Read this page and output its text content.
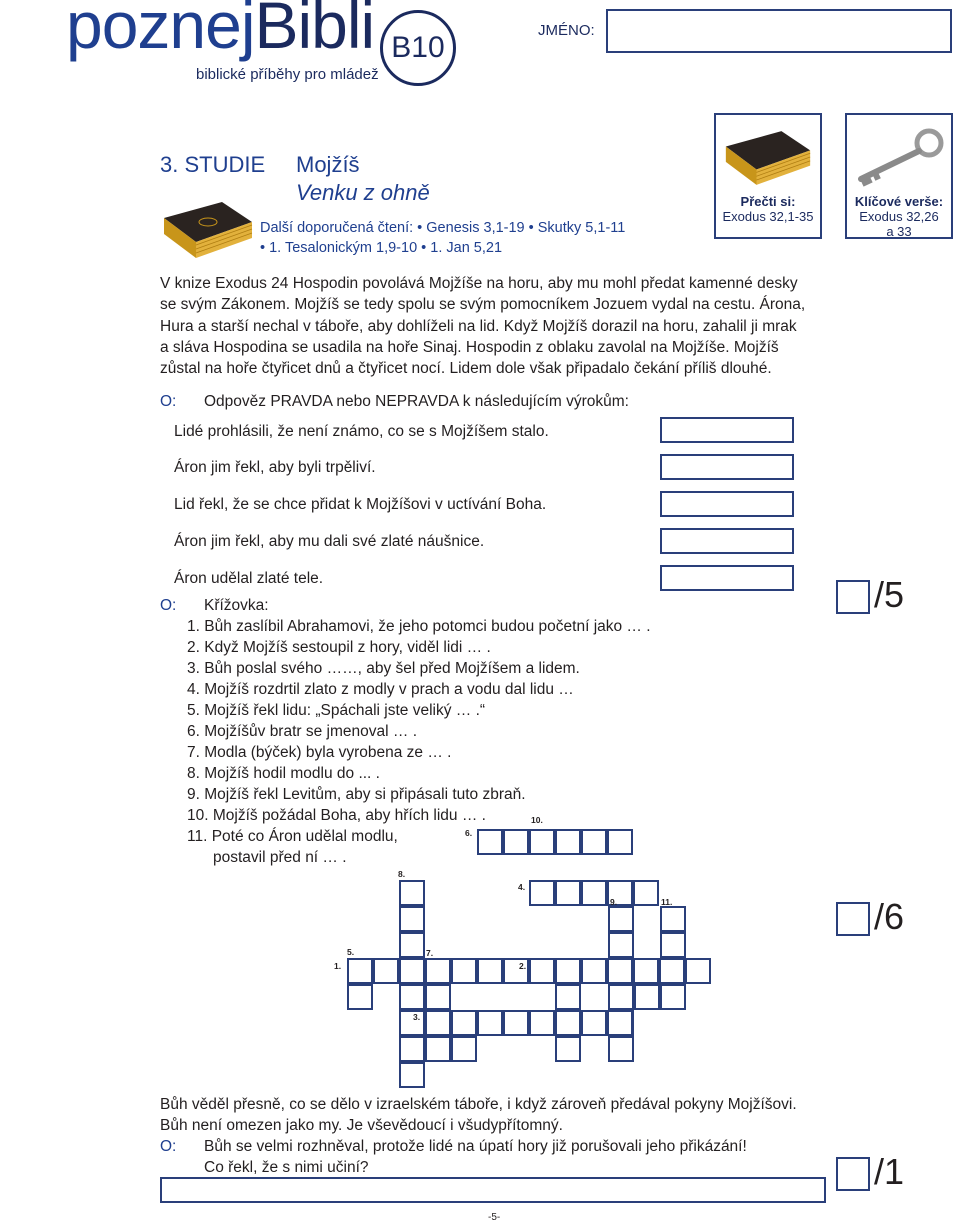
poznejBibli B10
biblické příběhy pro mládež
JMÉNO:
3. STUDIE Mojžíš
Venku z ohně
Další doporučená čtení: • Genesis 3,1-19 • Skutky 5,1-11
• 1. Tesalonickým 1,9-10 • 1. Jan 5,21
Přečti si:
Exodus 32,1-35
Klíčové verše:
Exodus 32,26
a 33
V knize Exodus 24 Hospodin povolává Mojžíše na horu, aby mu mohl předat kamenné desky
se svým Zákonem. Mojžíš se tedy spolu se svým pomocníkem Jozuem vydal na cestu. Árona,
Hura a starší nechal v táboře, aby dohlíželi na lid. Když Mojžíš dorazil na horu, zahalil ji mrak
a sláva Hospodina se usadila na hoře Sinaj. Hospodin z oblaku zavolal na Mojžíše. Mojžíš
zůstal na hoře čtyřicet dnů a čtyřicet nocí. Lidem dole však připadalo čekání příliš dlouhé.
O: Odpověz PRAVDA nebo NEPRAVDA k následujícím výrokům:
Lidé prohlásili, že není známo, co se s Mojžíšem stalo.
Áron jim řekl, aby byli trpěliví.
Lid řekl, že se chce přidat k Mojžíšovi v uctívání Boha.
Áron jim řekl, aby mu dali své zlaté náušnice.
Áron udělal zlaté tele.	/5
O: Křížovka:
1. Bůh zaslíbil Abrahamovi, že jeho potomci budou početní jako … .
2. Když Mojžíš sestoupil z hory, viděl lidi … .
3. Bůh poslal svého ……, aby šel před Mojžíšem a lidem.
4. Mojžíš rozdrtil zlato z modly v prach a vodu dal lidu …
5. Mojžíš řekl lidu: „Spáchali jste veliký … .“
6. Mojžíšův bratr se jmenoval … .
7. Modla (býček) byla vyrobena ze … .
8. Mojžíš hodil modlu do ... .
9. Mojžíš řekl Levitům, aby si připásali tuto zbraň.
10. Mojžíš požádal Boha, aby hřích lidu … .
11. Poté co Áron udělal modlu,
postavil před ní … .
1.	2.
3.
4.
5.
6.
7.
8.
9.
10.
11.	/6
Bůh věděl přesně, co se dělo v izraelském táboře, i když zároveň předával pokyny Mojžíšovi.
Bůh není omezen jako my. Je vševědoucí i všudypřítomný.
O: Bůh se velmi rozhněval, protože lidé na úpatí hory již porušovali jeho přikázání!
Co řekl, že s nimi učiní?	/1
-5-
